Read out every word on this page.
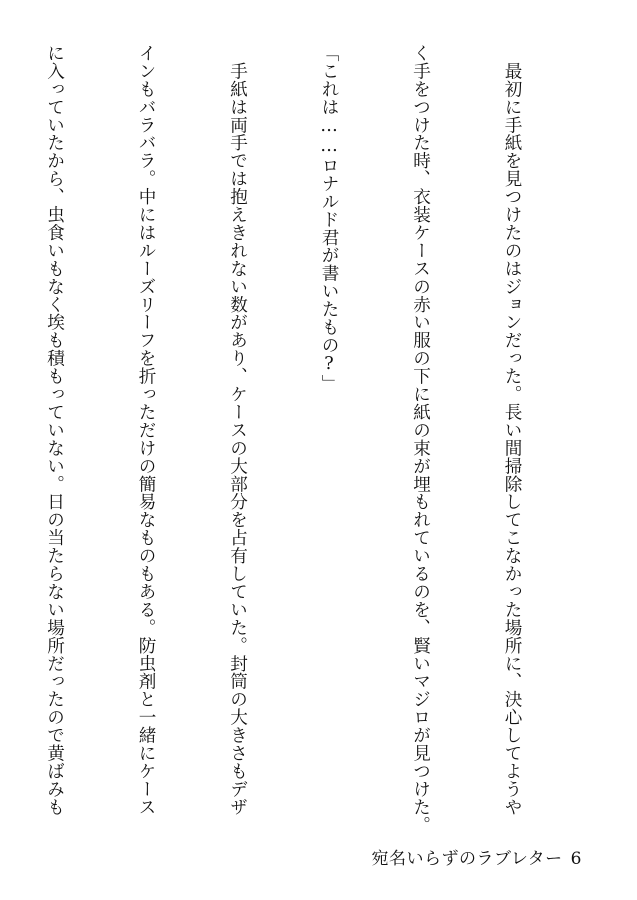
　最初に手紙を見つけたのはジョンだった。長い間掃除してこなかった場所に、決心してようや

く手をつけた時、衣装ケースの赤い服の下に紙の束が埋もれているのを、賢いマジロが見つけた。

「これは……ロナルド君が書いたもの?」

　手紙は両手では抱えきれない数があり、ケースの大部分を占有していた。封筒の大きさもデザ

インもバラバラ。中にはルーズリーフを折っただけの簡易なものもある。防虫剤と一緒にケース

に入っていたから、虫食いもなく埃も積もっていない。日の当たらない場所だったので黄ばみも

宛名いらずのラブレター 6
